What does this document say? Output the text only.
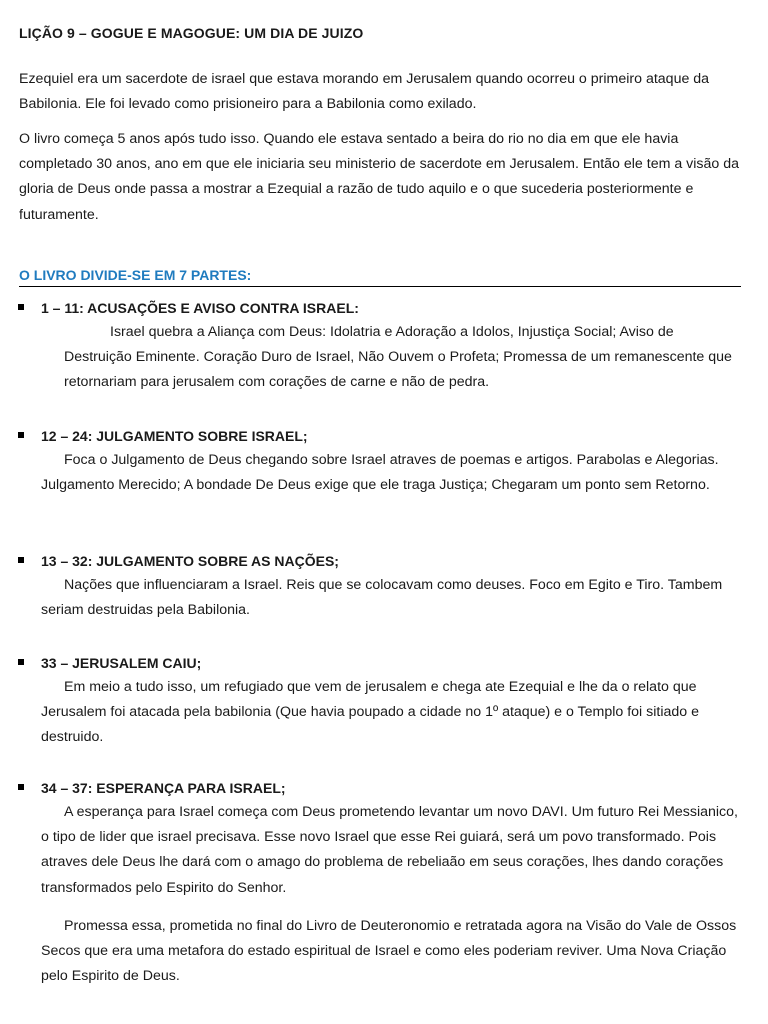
LIÇÃO 9 – GOGUE E MAGOGUE: UM DIA DE JUIZO
Ezequiel era um sacerdote de israel que estava morando em Jerusalem quando ocorreu o primeiro ataque da Babilonia. Ele foi levado como prisioneiro para a Babilonia como exilado.
O livro começa 5 anos após tudo isso. Quando ele estava sentado a beira do rio no dia em que ele havia completado 30 anos, ano em que ele iniciaria seu ministerio de sacerdote em Jerusalem. Então ele tem a visão da gloria de Deus onde passa a mostrar a Ezequial a razão de tudo aquilo e o que sucederia posteriormente e futuramente.
O LIVRO DIVIDE-SE EM 7 PARTES:
1 – 11: ACUSAÇÕES E AVISO CONTRA ISRAEL:
Israel quebra a Aliança com Deus: Idolatria e Adoração a Idolos, Injustiça Social; Aviso de Destruição Eminente. Coração Duro de Israel, Não Ouvem o Profeta; Promessa de um remanescente que retornariam para jerusalem com corações de carne e não de pedra.
12 – 24: JULGAMENTO SOBRE ISRAEL;
Foca o Julgamento de Deus chegando sobre Israel atraves de poemas e artigos. Parabolas e Alegorias. Julgamento Merecido; A bondade De Deus exige que ele traga Justiça; Chegaram um ponto sem Retorno.
13 – 32: JULGAMENTO SOBRE AS NAÇÕES;
Nações que influenciaram a Israel. Reis que se colocavam como deuses. Foco em Egito e Tiro. Tambem seriam destruidas pela Babilonia.
33 – JERUSALEM CAIU;
Em meio a tudo isso, um refugiado que vem de jerusalem e chega ate Ezequial e lhe da o relato que Jerusalem foi atacada pela babilonia (Que havia poupado a cidade no 1º ataque) e o Templo foi sitiado e destruido.
34 – 37: ESPERANÇA PARA ISRAEL;
A esperança para Israel começa com Deus prometendo levantar um novo DAVI. Um futuro Rei Messianico, o tipo de lider que israel precisava. Esse novo Israel que esse Rei guiará, será um povo transformado. Pois atraves dele Deus lhe dará com o amago do problema de rebeliaão em seus corações, lhes dando corações transformados pelo Espirito do Senhor.
Promessa essa, prometida no final do Livro de Deuteronomio e retratada agora na Visão do Vale de Ossos Secos que era uma metafora do estado espiritual de Israel e como eles poderiam reviver. Uma Nova Criação pelo Espirito de Deus.
